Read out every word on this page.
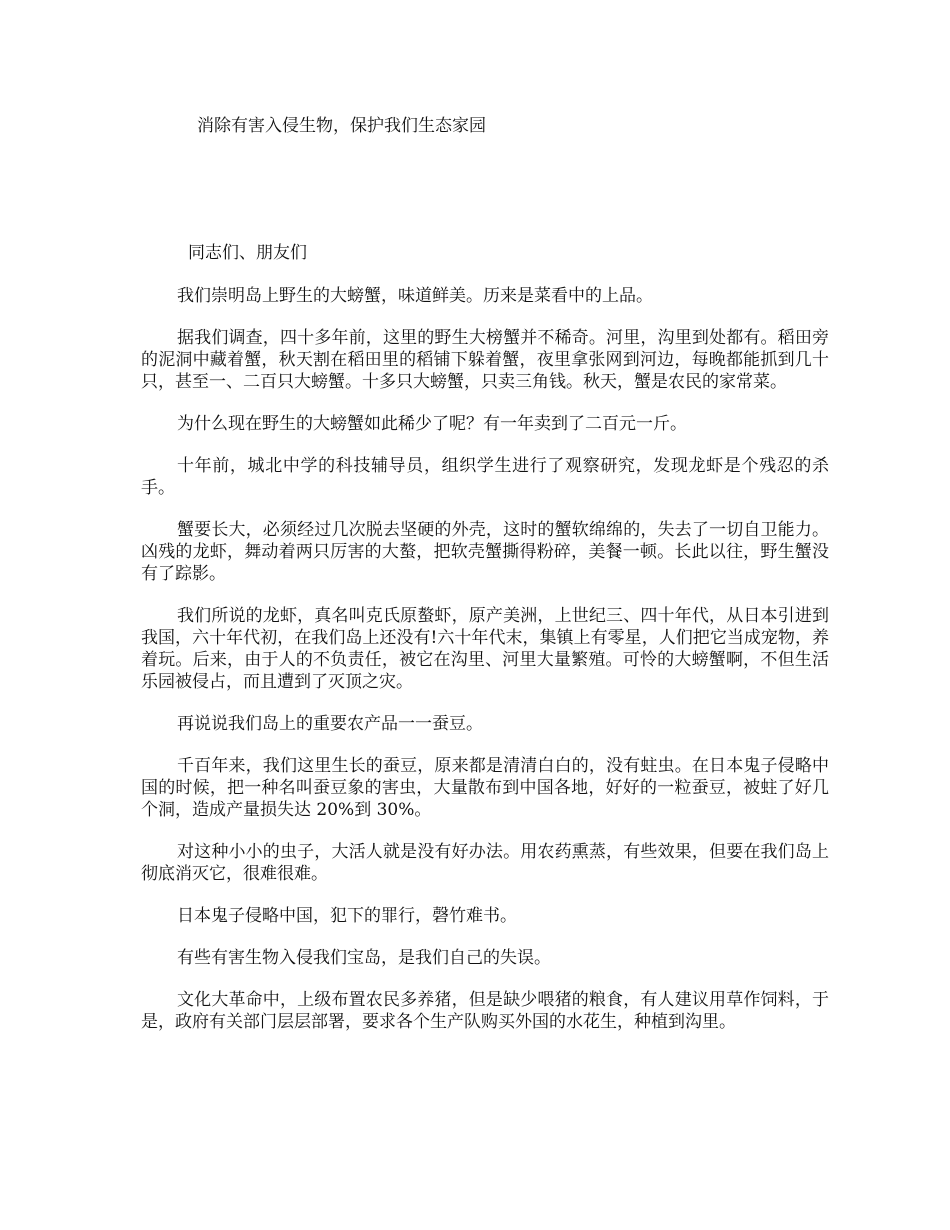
消除有害入侵生物，保护我们生态家园
同志们、朋友们

我们崇明岛上野生的大螃蟹，味道鲜美。历来是菜看中的上品。

据我们调查，四十多年前，这里的野生大榜蟹并不稀奇。河里，沟里到处都有。稻田旁的泥洞中藏着蟹，秋天割在稻田里的稻铺下躲着蟹，夜里拿张网到河边，每晚都能抓到几十只，甚至一、二百只大螃蟹。十多只大螃蟹，只卖三角钱。秋天，蟹是农民的家常菜。

为什么现在野生的大螃蟹如此稀少了呢？有一年卖到了二百元一斤。

十年前，城北中学的科技辅导员，组织学生进行了观察研究，发现龙虾是个残忍的杀手。

蟹要长大，必须经过几次脱去坚硬的外壳，这时的蟹软绵绵的，失去了一切自卫能力。凶残的龙虾，舞动着两只厉害的大螯，把软壳蟹撕得粉碎，美餐一顿。长此以往，野生蟹没有了踪影。

我们所说的龙虾，真名叫克氏原螯虾，原产美洲，上世纪三、四十年代，从日本引进到我国，六十年代初，在我们岛上还没有!六十年代末，集镇上有零星，人们把它当成宠物，养着玩。后来，由于人的不负责任，被它在沟里、河里大量繁殖。可怜的大螃蟹啊，不但生活乐园被侵占，而且遭到了灭顶之灾。

再说说我们岛上的重要农产品一一蚕豆。

千百年来，我们这里生长的蚕豆，原来都是清清白白的，没有蛀虫。在日本鬼子侵略中国的时候，把一种名叫蚕豆象的害虫，大量散布到中国各地，好好的一粒蚕豆，被蛀了好几个洞，造成产量损失达 20%到 30%。

对这种小小的虫子，大活人就是没有好办法。用农药熏蒸，有些效果，但要在我们岛上彻底消灭它，很难很难。

日本鬼子侵略中国，犯下的罪行，磬竹难书。

有些有害生物入侵我们宝岛，是我们自己的失误。

文化大革命中，上级布置农民多养猪，但是缺少喂猪的粮食，有人建议用草作饲料，于是，政府有关部门层层部署，要求各个生产队购买外国的水花生，种植到沟里。
